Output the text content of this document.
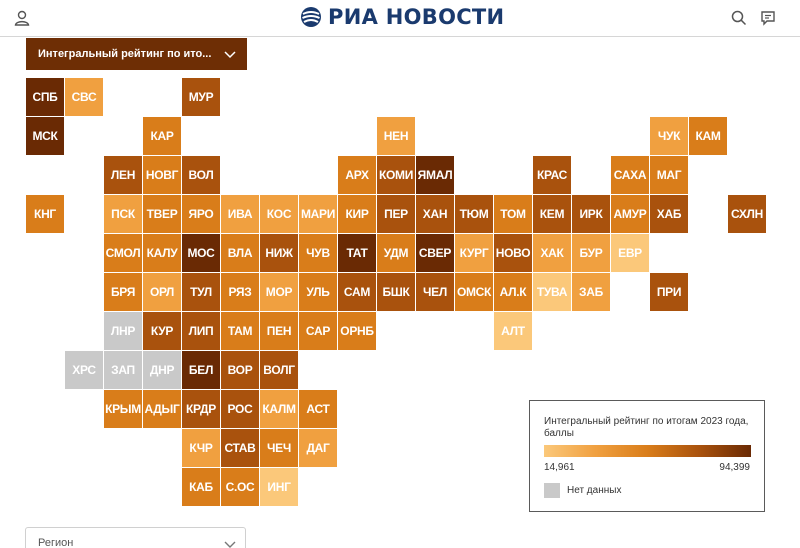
РИА НОВОСТИ
Интегральный рейтинг по ито...
СПБ	СВС	МУР
МСК	КАР	НЕН	ЧУК	КАМ
ЛЕН НОВГ ВОЛ	АРХ КОМИ ЯМАЛ	КРАС	САХА МАГ
КНГ	ПСК ТВЕР ЯРО	ИВА	КОС МАРИ КИР	ПЕР	ХАН	ТЮМ ТОМ	КЕМ	ИРК АМУР ХАБ	СХЛН
СМОЛ КАЛУ МОС	ВЛА	НИЖ	ЧУВ	ТАТ	УДМ СВЕР КУРГ НОВО ХАК	БУР	ЕВР
БРЯ	ОРЛ	ТУЛ	РЯЗ	МОР	УЛЬ	САМ	БШК	ЧЕЛ ОМСК АЛ.К ТУВА ЗАБ	ПРИ
ЛНР	КУР	ЛИП	ТАМ	ПЕН	САР ОРНБ	АЛТ
ХРС	ЗАП	ДНР	БЕЛ	ВОР ВОЛГ
КРЫМ АДЫГ КРДР РОС КАЛМ АСТ
КЧР СТАВ ЧЕЧ	ДАГ
КАБ	С.ОС	ИНГ
Интегральный рейтинг по итогам 2023 года, баллы
14,961	94,399
Нет данных
Регион
